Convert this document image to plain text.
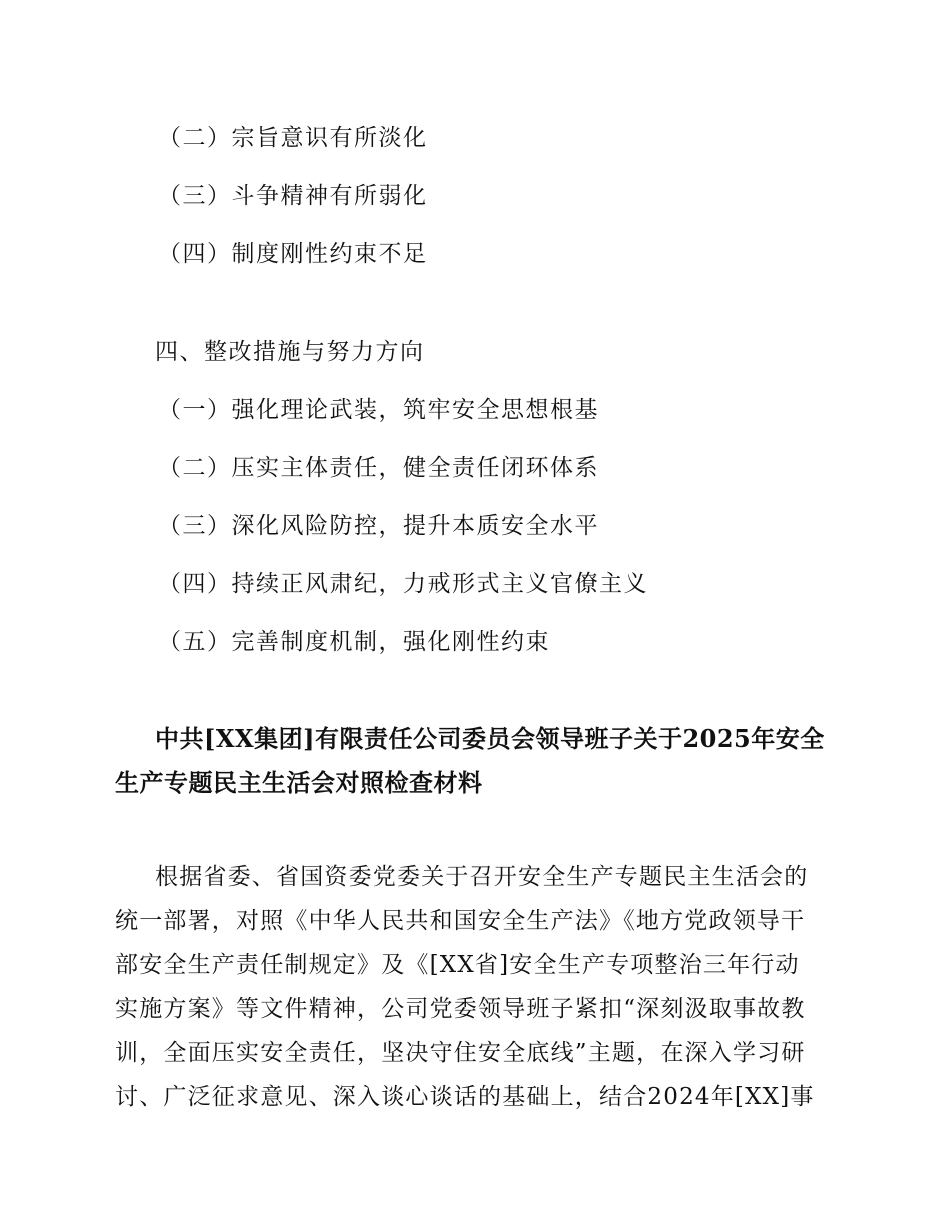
（二）宗旨意识有所淡化
（三）斗争精神有所弱化
（四）制度刚性约束不足
四、整改措施与努力方向
（一）强化理论武装，筑牢安全思想根基
（二）压实主体责任，健全责任闭环体系
（三）深化风险防控，提升本质安全水平
（四）持续正风肃纪，力戒形式主义官僚主义
（五）完善制度机制，强化刚性约束
中共[XX集团]有限责任公司委员会领导班子关于2025年安全
生产专题民主生活会对照检查材料
根据省委、省国资委党委关于召开安全生产专题民主生活会的
统一部署，对照《中华人民共和国安全生产法》《地方党政领导干
部安全生产责任制规定》及《[XX省]安全生产专项整治三年行动
实施方案》等文件精神，公司党委领导班子紧扣“深刻汲取事故教
训，全面压实安全责任，坚决守住安全底线”主题，在深入学习研
讨、广泛征求意见、深入谈心谈话的基础上，结合2024年[XX]事
